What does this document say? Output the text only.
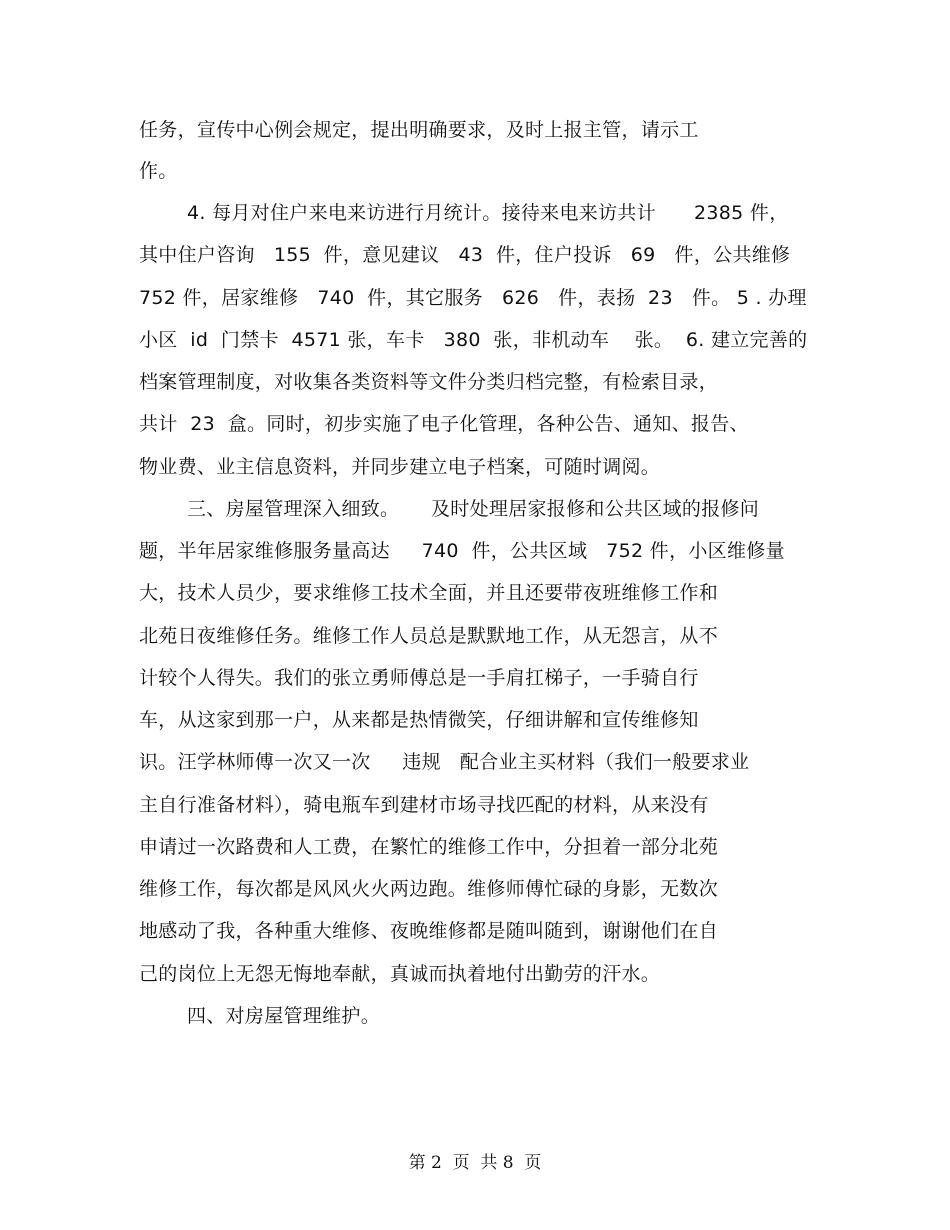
任务，宣传中心例会规定，提出明确要求，及时上报主管，请示工
作。
4. 每月对住户来电来访进行月统计。接待来电来访共计      2385 件，
其中住户咨询   155  件，意见建议   43  件，住户投诉   69   件，公共维修
752 件，居家维修   740  件，其它服务   626   件，表扬  23   件。 5 . 办理
小区  id  门禁卡  4571 张，车卡   380  张，非机动车    张。  6. 建立完善的
档案管理制度，对收集各类资料等文件分类归档完整，有检索目录，
共计  23  盒。同时，初步实施了电子化管理，各种公告、通知、报告、
物业费、业主信息资料，并同步建立电子档案，可随时调阅。
三、房屋管理深入细致。     及时处理居家报修和公共区域的报修问
题，半年居家维修服务量高达     740  件，公共区域   752 件，小区维修量
大，技术人员少，要求维修工技术全面，并且还要带夜班维修工作和
北苑日夜维修任务。维修工作人员总是默默地工作，从无怨言，从不
计较个人得失。我们的张立勇师傅总是一手肩扛梯子，一手骑自行
车，从这家到那一户，从来都是热情微笑，仔细讲解和宣传维修知
识。汪学林师傅一次又一次     违规   配合业主买材料（我们一般要求业
主自行准备材料），骑电瓶车到建材市场寻找匹配的材料，从来没有
申请过一次路费和人工费，在繁忙的维修工作中，分担着一部分北苑
维修工作，每次都是风风火火两边跑。维修师傅忙碌的身影，无数次
地感动了我，各种重大维修、夜晚维修都是随叫随到，谢谢他们在自
己的岗位上无怨无悔地奉献，真诚而执着地付出勤劳的汗水。
四、对房屋管理维护。
第 2  页  共 8  页
